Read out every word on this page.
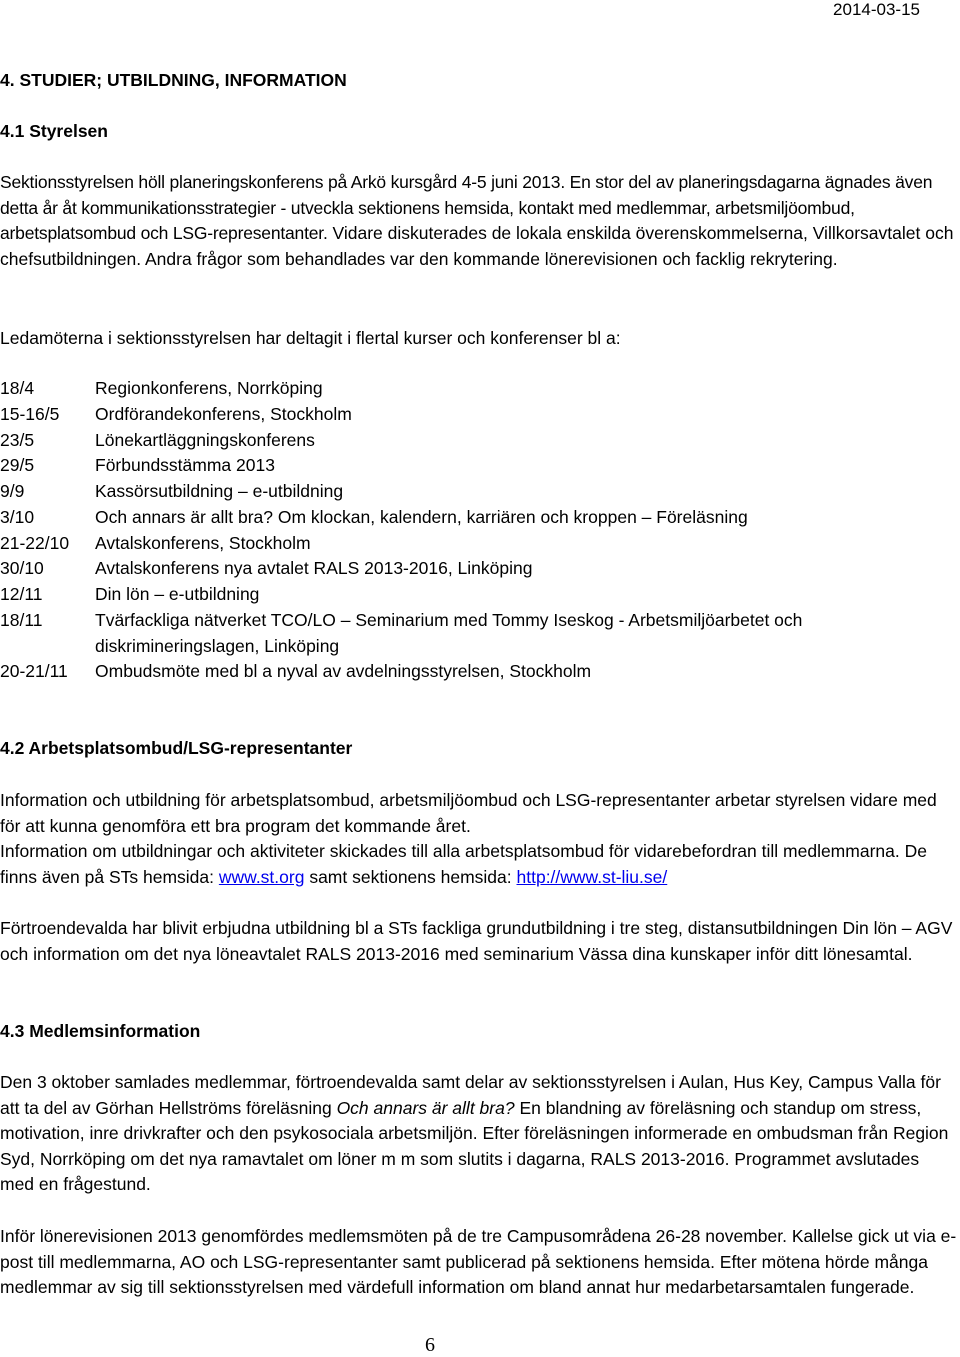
2014-03-15
4. STUDIER; UTBILDNING, INFORMATION
4.1 Styrelsen
Sektionsstyrelsen höll planeringskonferens på Arkö kursgård 4-5 juni 2013. En stor del av planeringsdagarna ägnades även detta år åt kommunikationsstrategier - utveckla sektionens hemsida, kontakt med medlemmar, arbetsmiljöombud, arbetsplatsombud och LSG-representanter. Vidare diskuterades de lokala enskilda överenskommelserna, Villkorsavtalet och chefsutbildningen. Andra frågor som behandlades var den kommande lönerevisionen och facklig rekrytering.
Ledamöterna i sektionsstyrelsen har deltagit i flertal kurser och konferenser bl a:
18/4	Regionkonferens, Norrköping
15-16/5 Ordförandekonferens, Stockholm
23/5	Lönekartläggningskonferens
29/5	Förbundsstämma 2013
9/9	Kassörsutbildning – e-utbildning
3/10	Och annars är allt bra? Om klockan, kalendern, karriären och kroppen – Föreläsning
21-22/10 Avtalskonferens, Stockholm
30/10	Avtalskonferens nya avtalet RALS 2013-2016, Linköping
12/11	Din lön – e-utbildning
18/11	Tvärfackliga nätverket TCO/LO – Seminarium med Tommy Iseskog - Arbetsmiljöarbetet och diskrimineringslagen, Linköping
20-21/11 Ombudsmöte med bl a nyval av avdelningsstyrelsen, Stockholm
4.2 Arbetsplatsombud/LSG-representanter
Information och utbildning för arbetsplatsombud, arbetsmiljöombud och LSG-representanter arbetar styrelsen vidare med för att kunna genomföra ett bra program det kommande året.
Information om utbildningar och aktiviteter skickades till alla arbetsplatsombud för vidarebefordran till medlemmarna. De finns även på STs hemsida: www.st.org samt sektionens hemsida: http://www.st-liu.se/
Förtroendevalda har blivit erbjudna utbildning bl a STs fackliga grundutbildning i tre steg, distansutbildningen Din lön – AGV och information om det nya löneavtalet RALS 2013-2016 med seminarium Vässa dina kunskaper inför ditt lönesamtal.
4.3 Medlemsinformation
Den 3 oktober samlades medlemmar, förtroendevalda samt delar av sektionsstyrelsen i Aulan, Hus Key, Campus Valla för att ta del av Görhan Hellströms föreläsning Och annars är allt bra? En blandning av föreläsning och standup om stress, motivation, inre drivkrafter och den psykosociala arbetsmiljön. Efter föreläsningen informerade en ombudsman från Region Syd, Norrköping om det nya ramavtalet om löner m m som slutits i dagarna, RALS 2013-2016. Programmet avslutades med en frågestund.
Inför lönerevisionen 2013 genomfördes medlemsmöten på de tre Campusområdena 26-28 november. Kallelse gick ut via e-post till medlemmarna, AO och LSG-representanter samt publicerad på sektionens hemsida. Efter mötena hörde många medlemmar av sig till sektionsstyrelsen med värdefull information om bland annat hur medarbetarsamtalen fungerade.
6
